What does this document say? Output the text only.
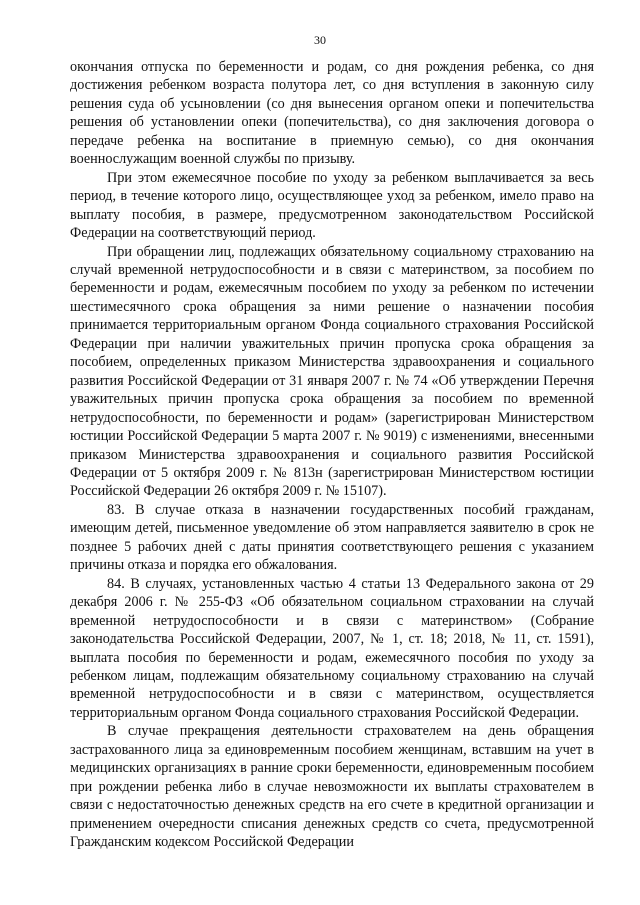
30

окончания отпуска по беременности и родам, со дня рождения ребенка, со дня достижения ребенком возраста полутора лет, со дня вступления в законную силу решения суда об усыновлении (со дня вынесения органом опеки и попечительства решения об установлении опеки (попечительства), со дня заключения договора о передаче ребенка на воспитание в приемную семью), со дня окончания военнослужащим военной службы по призыву.

При этом ежемесячное пособие по уходу за ребенком выплачивается за весь период, в течение которого лицо, осуществляющее уход за ребенком, имело право на выплату пособия, в размере, предусмотренном законодательством Российской Федерации на соответствующий период.

При обращении лиц, подлежащих обязательному социальному страхованию на случай временной нетрудоспособности и в связи с материнством, за пособием по беременности и родам, ежемесячным пособием по уходу за ребенком по истечении шестимесячного срока обращения за ними решение о назначении пособия принимается территориальным органом Фонда социального страхования Российской Федерации при наличии уважительных причин пропуска срока обращения за пособием, определенных приказом Министерства здравоохранения и социального развития Российской Федерации от 31 января 2007 г. № 74 «Об утверждении Перечня уважительных причин пропуска срока обращения за пособием по временной нетрудоспособности, по беременности и родам» (зарегистрирован Министерством юстиции Российской Федерации 5 марта 2007 г. № 9019) с изменениями, внесенными приказом Министерства здравоохранения и социального развития Российской Федерации от 5 октября 2009 г. № 813н (зарегистрирован Министерством юстиции Российской Федерации 26 октября 2009 г. № 15107).

83. В случае отказа в назначении государственных пособий гражданам, имеющим детей, письменное уведомление об этом направляется заявителю в срок не позднее 5 рабочих дней с даты принятия соответствующего решения с указанием причины отказа и порядка его обжалования.

84. В случаях, установленных частью 4 статьи 13 Федерального закона от 29 декабря 2006 г. № 255-ФЗ «Об обязательном социальном страховании на случай временной нетрудоспособности и в связи с материнством» (Собрание законодательства Российской Федерации, 2007, № 1, ст. 18; 2018, № 11, ст. 1591), выплата пособия по беременности и родам, ежемесячного пособия по уходу за ребенком лицам, подлежащим обязательному социальному страхованию на случай временной нетрудоспособности и в связи с материнством, осуществляется территориальным органом Фонда социального страхования Российской Федерации.

В случае прекращения деятельности страхователем на день обращения застрахованного лица за единовременным пособием женщинам, вставшим на учет в медицинских организациях в ранние сроки беременности, единовременным пособием при рождении ребенка либо в случае невозможности их выплаты страхователем в связи с недостаточностью денежных средств на его счете в кредитной организации и применением очередности списания денежных средств со счета, предусмотренной Гражданским кодексом Российской Федерации
